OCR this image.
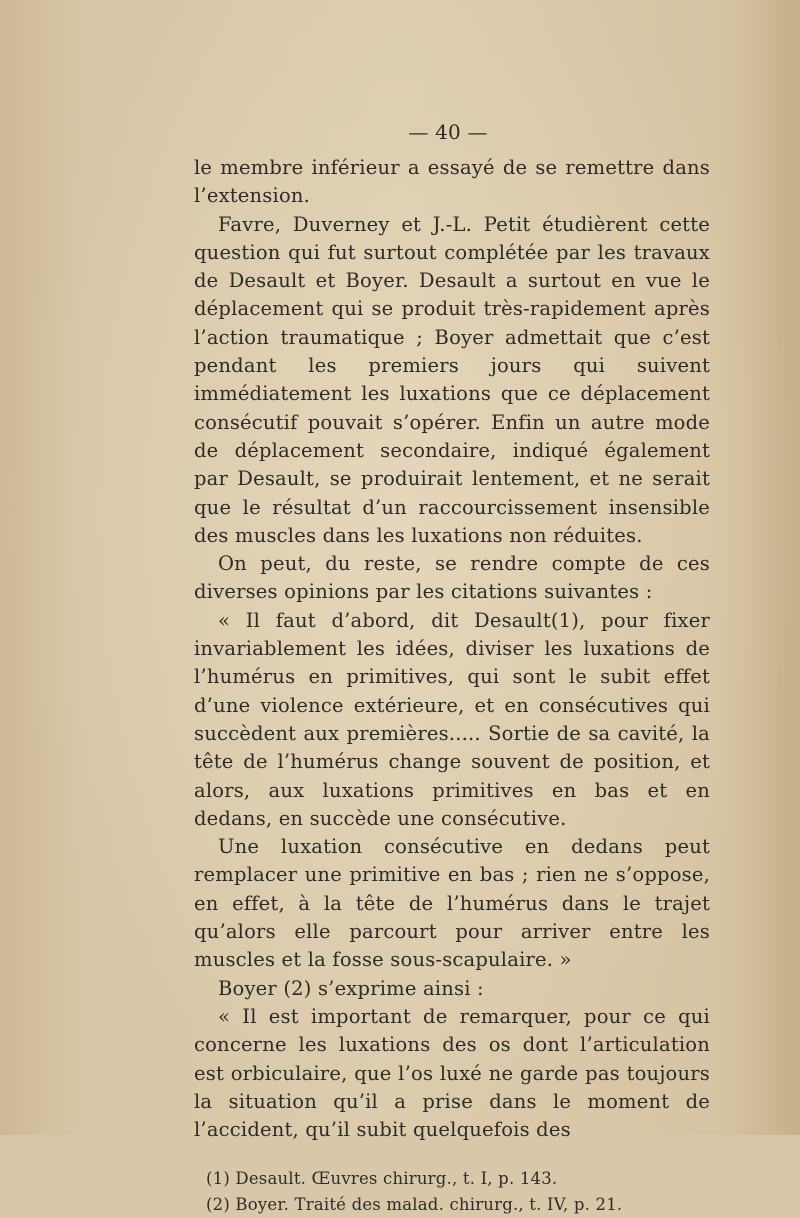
— 40 —

le membre inférieur a essayé de se remettre dans l’extension.

Favre, Duverney et J.-L. Petit étudièrent cette question qui fut surtout complétée par les travaux de Desault et Boyer. Desault a surtout en vue le déplacement qui se produit très-rapidement après l’action traumatique ; Boyer admettait que c’est pendant les premiers jours qui suivent immédiatement les luxations que ce déplacement consécutif pouvait s’opérer. Enfin un autre mode de déplacement secondaire, indiqué également par Desault, se produirait lentement, et ne serait que le résultat d’un raccourcissement insensible des muscles dans les luxations non réduites.

On peut, du reste, se rendre compte de ces diverses opinions par les citations suivantes :

« Il faut d’abord, dit Desault(1), pour fixer invariablement les idées, diviser les luxations de l’humérus en primitives, qui sont le subit effet d’une violence extérieure, et en consécutives qui succèdent aux premières..... Sortie de sa cavité, la tête de l’humérus change souvent de position, et alors, aux luxations primitives en bas et en dedans, en succède une consécutive.

Une luxation consécutive en dedans peut remplacer une primitive en bas ; rien ne s’oppose, en effet, à la tête de l’humérus dans le trajet qu’alors elle parcourt pour arriver entre les muscles et la fosse sous-scapulaire. »

Boyer (2) s’exprime ainsi :

« Il est important de remarquer, pour ce qui concerne les luxations des os dont l’articulation est orbiculaire, que l’os luxé ne garde pas toujours la situation qu’il a prise dans le moment de l’accident, qu’il subit quelquefois des

(1) Desault. Œuvres chirurg., t. I, p. 143.

(2) Boyer. Traité des malad. chirurg., t. IV, p. 21.
